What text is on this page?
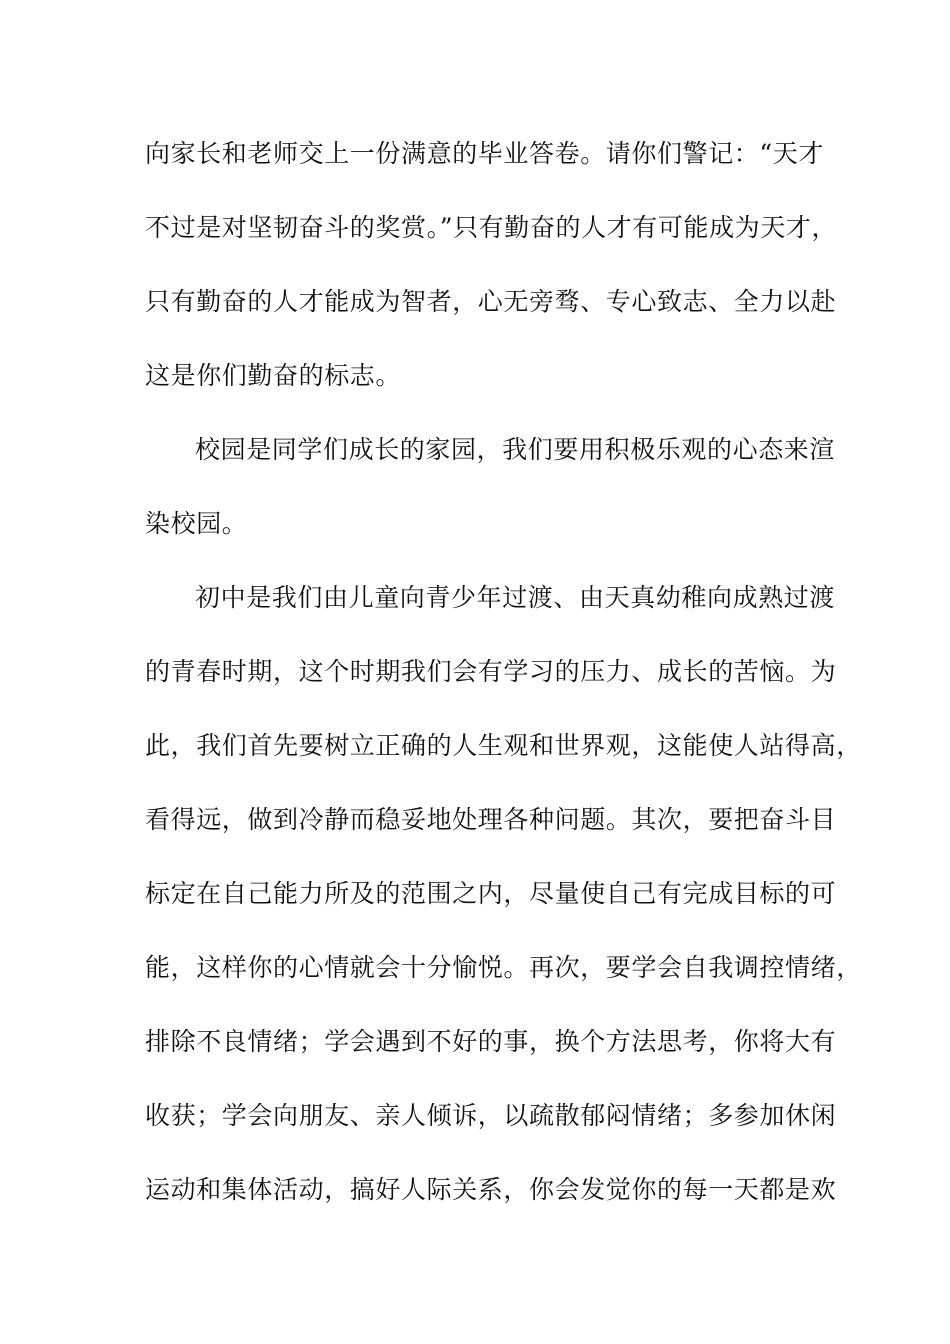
向家长和老师交上一份满意的毕业答卷。请你们警记：“天才
不过是对坚韧奋斗的奖赏。”只有勤奋的人才有可能成为天才，
只有勤奋的人才能成为智者，心无旁骛、专心致志、全力以赴
这是你们勤奋的标志。
校园是同学们成长的家园，我们要用积极乐观的心态来渲
染校园。
初中是我们由儿童向青少年过渡、由天真幼稚向成熟过渡
的青春时期，这个时期我们会有学习的压力、成长的苦恼。为
此，我们首先要树立正确的人生观和世界观，这能使人站得高，
看得远，做到冷静而稳妥地处理各种问题。其次，要把奋斗目
标定在自己能力所及的范围之内，尽量使自己有完成目标的可
能，这样你的心情就会十分愉悦。再次，要学会自我调控情绪，
排除不良情绪；学会遇到不好的事，换个方法思考，你将大有
收获；学会向朋友、亲人倾诉，以疏散郁闷情绪；多参加休闲
运动和集体活动，搞好人际关系，你会发觉你的每一天都是欢
